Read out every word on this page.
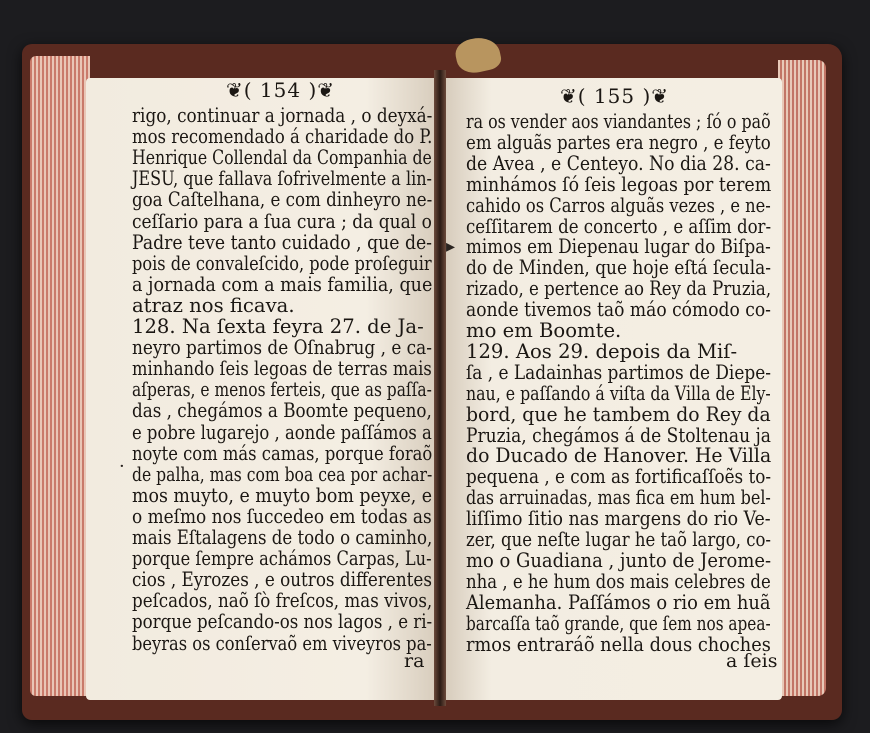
❦( 154 )❦
rigo, continuar a jornada , o deyxá-
mos recomendado á charidade do P.
Henrique Collendal da Companhia de
JESU, que fallava ſofrivelmente a lin-
goa Caſtelhana, e com dinheyro ne-
ceſſario para a ſua cura ; da qual o
Padre teve tanto cuidado , que de-
pois de convaleſcido, pode proſeguir
a jornada com a mais familia, que
atraz nos ficava.
128. Na ſexta feyra 27. de Ja-
neyro partimos de Oſnabrug , e ca-
minhando ſeis legoas de terras mais
aſperas, e menos ferteis, que as paſſa-
das , chegámos a Boomte pequeno,
e pobre lugarejo , aonde paſſámos a
noyte com más camas, porque foraõ
de palha, mas com boa cea por achar-
mos muyto, e muyto bom peyxe, e
o meſmo nos ſuccedeo em todas as
mais Eſtalagens de todo o caminho,
porque ſempre achámos Carpas, Lu-
cios , Eyrozes , e outros differentes
peſcados, naõ ſò freſcos, mas vivos,
porque peſcando-os nos lagos , e ri-
beyras os conſervaõ em viveyros pa-
ra
❦( 155 )❦
ra os vender aos viandantes ; ſó o paõ
em alguãs partes era negro , e feyto
de Avea , e Centeyo. No dia 28. ca-
minhámos ſó ſeis legoas por terem
cahido os Carros alguãs vezes , e ne-
ceſſitarem de concerto , e aſſim dor-
mimos em Diepenau lugar do Biſpa-
do de Minden, que hoje eſtá ſecula-
rizado, e pertence ao Rey da Pruzia,
aonde tivemos taõ máo cómodo co-
mo em Boomte.
129. Aos 29. depois da Miſ-
ſa , e Ladainhas partimos de Diepe-
nau, e paſſando á viſta da Villa de Ely-
bord, que he tambem do Rey da
Pruzia, chegámos á de Stoltenau ja
do Ducado de Hanover. He Villa
pequena , e com as fortificaſſoẽs to-
das arruinadas, mas fica em hum bel-
liſſimo ſitio nas margens do rio Ve-
zer, que neſte lugar he taõ largo, co-
mo o Guadiana , junto de Jerome-
nha , e he hum dos mais celebres de
Alemanha. Paſſámos o rio em huã
barcaſſa taõ grande, que ſem nos apea-
rmos entraráõ nella dous choches
a ſeis
▸
·
